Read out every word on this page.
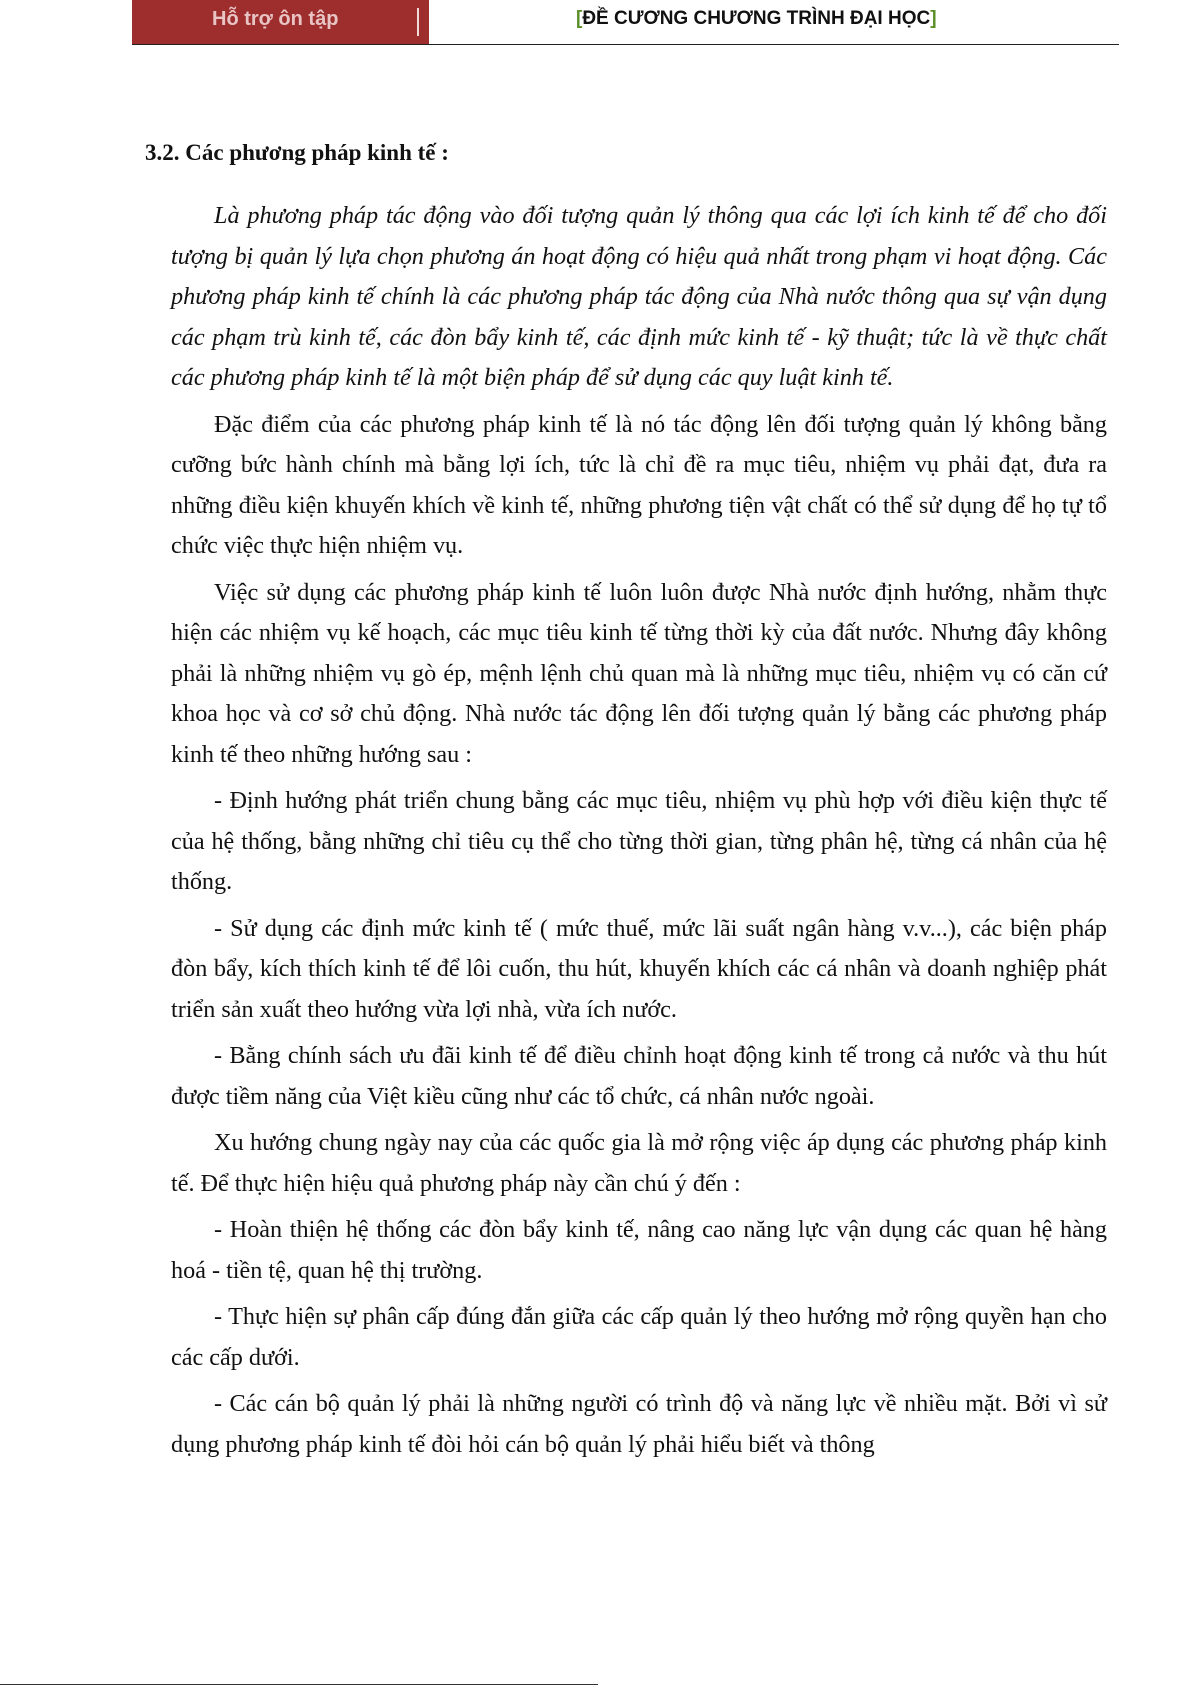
Hỗ trợ ôn tập	[ĐỀ CƯƠNG CHƯƠNG TRÌNH ĐẠI HỌC]
3.2. Các phương pháp kinh tế :

Là phương pháp tác động vào đối tượng quản lý thông qua các lợi ích kinh tế để cho đối tượng bị quản lý lựa chọn phương án hoạt động có hiệu quả nhất trong phạm vi hoạt động. Các phương pháp kinh tế chính là các phương pháp tác động của Nhà nước thông qua sự vận dụng các phạm trù kinh tế, các đòn bẩy kinh tế, các định mức kinh tế - kỹ thuật; tức là về thực chất các phương pháp kinh tế là một biện pháp để sử dụng các quy luật kinh tế.

Đặc điểm của các phương pháp kinh tế là nó tác động lên đối tượng quản lý không bằng cưỡng bức hành chính mà bằng lợi ích, tức là chỉ đề ra mục tiêu, nhiệm vụ phải đạt, đưa ra những điều kiện khuyến khích về kinh tế, những phương tiện vật chất có thể sử dụng để họ tự tổ chức việc thực hiện nhiệm vụ.

Việc sử dụng các phương pháp kinh tế luôn luôn được Nhà nước định hướng, nhằm thực hiện các nhiệm vụ kế hoạch, các mục tiêu kinh tế từng thời kỳ của đất nước. Nhưng đây không phải là những nhiệm vụ gò ép, mệnh lệnh chủ quan mà là những mục tiêu, nhiệm vụ có căn cứ khoa học và cơ sở chủ động. Nhà nước tác động lên đối tượng quản lý bằng các phương pháp kinh tế theo những hướng sau :

- Định hướng phát triển chung bằng các mục tiêu, nhiệm vụ phù hợp với điều kiện thực tế của hệ thống, bằng những chỉ tiêu cụ thể cho từng thời gian, từng phân hệ, từng cá nhân của hệ thống.

- Sử dụng các định mức kinh tế ( mức thuế, mức lãi suất ngân hàng v.v...), các biện pháp đòn bẩy, kích thích kinh tế để lôi cuốn, thu hút, khuyến khích các cá nhân và doanh nghiệp phát triển sản xuất theo hướng vừa lợi nhà, vừa ích nước.

- Bằng chính sách ưu đãi kinh tế để điều chỉnh hoạt động kinh tế trong cả nước và thu hút được tiềm năng của Việt kiều cũng như các tổ chức, cá nhân nước ngoài.

Xu hướng chung ngày nay của các quốc gia là mở rộng việc áp dụng các phương pháp kinh tế. Để thực hiện hiệu quả phương pháp này cần chú ý đến :

- Hoàn thiện hệ thống các đòn bẩy kinh tế, nâng cao năng lực vận dụng các quan hệ hàng hoá - tiền tệ, quan hệ thị trường.

- Thực hiện sự phân cấp đúng đắn giữa các cấp quản lý theo hướng mở rộng quyền hạn cho các cấp dưới.

- Các cán bộ quản lý phải là những người có trình độ và năng lực về nhiều mặt. Bởi vì sử dụng phương pháp kinh tế đòi hỏi cán bộ quản lý phải hiểu biết và thông
